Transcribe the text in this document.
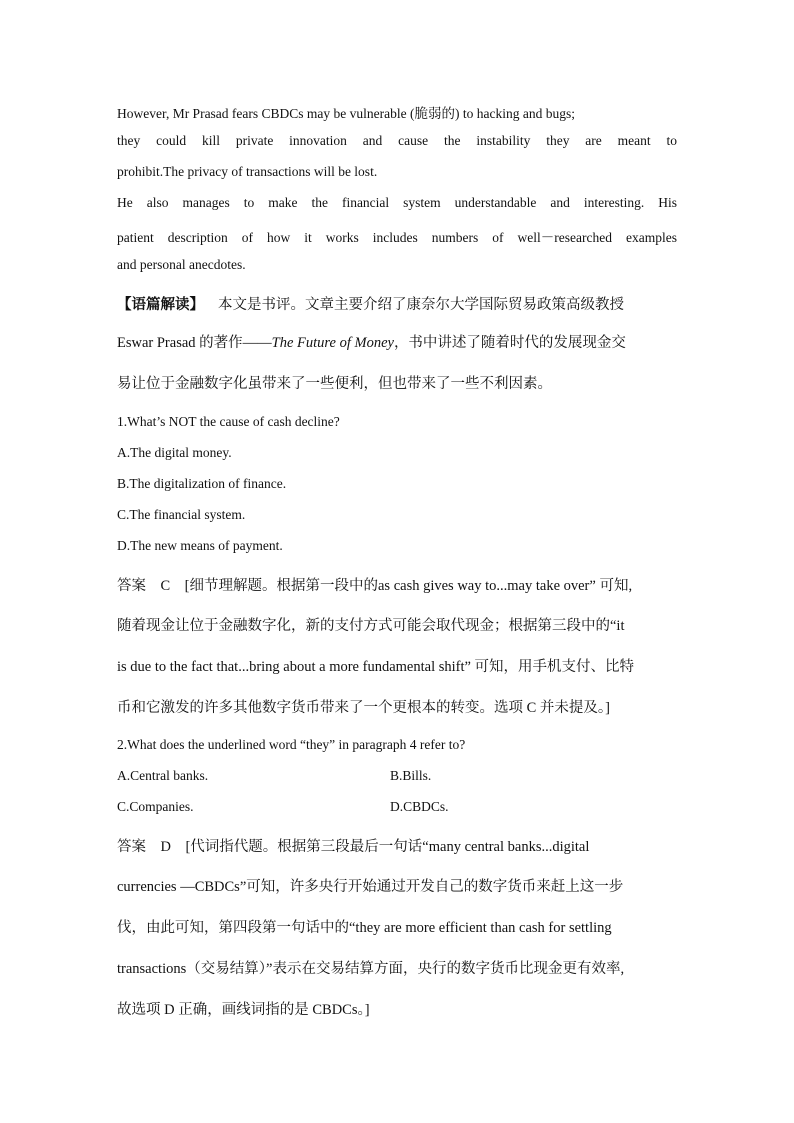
However, Mr Prasad fears CBDCs may be vulnerable (脆弱的) to hacking and bugs;
they could kill private innovation and cause the instability they are meant to
prohibit.The privacy of transactions will be lost.
He also manages to make the financial system understandable and interesting. His
patient description of how it works includes numbers of well－researched examples
and personal anecdotes.
【语篇解读】 本文是书评。文章主要介绍了康奈尔大学国际贸易政策高级教授
Eswar Prasad 的著作——The Future of Money，书中讲述了随着时代的发展现金交
易让位于金融数字化虽带来了一些便利，但也带来了一些不利因素。
1.What’s NOT the cause of cash decline?
A.The digital money.
B.The digitalization of finance.
C.The financial system.
D.The new means of payment.
答案　C　[细节理解题。根据第一段中的as cash gives way to...may take over” 可知,
随着现金让位于金融数字化，新的支付方式可能会取代现金；根据第三段中的“it
is due to the fact that...bring about a more fundamental shift” 可知，用手机支付、比特
币和它激发的许多其他数字货币带来了一个更根本的转变。选项 C 并未提及。]
2.What does the underlined word “they” in paragraph 4 refer to?
A.Central banks.	B.Bills.
C.Companies.	D.CBDCs.
答案　D　[代词指代题。根据第三段最后一句话“many central banks...digital
currencies —CBDCs”可知，许多央行开始通过开发自己的数字货币来赶上这一步
伐，由此可知，第四段第一句话中的“they are more efficient than cash for settling
transactions（交易结算）”表示在交易结算方面，央行的数字货币比现金更有效率,
故选项 D 正确，画线词指的是 CBDCs。]
